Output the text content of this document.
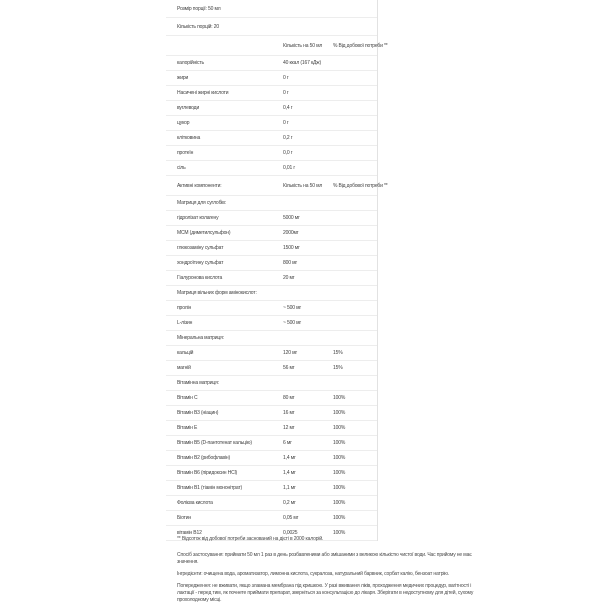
Розмір порції: 50 мл
Кількість порцій: 20
Кількість на 50 мл	% Від добової потреби **
калорійність	40 ккал (167 кДж)
жири	0 г
Насичені жирні кислоти	0 г
вуглеводи	0,4 г
цукор	0 г
клітковина	0,2 г
протеїн	0,0 г
сіль	0,01 г
Активні компоненти:	Кількість на 50 мл	% Від добової потреби **
Матриця для суглобів:
гідролізат колагену	5000 мг
МСМ (диметилсульфон)	2000мг
глюкозаміну сульфат	1500 мг
хондроїтину сульфат	800 мг
Гіалуронова кислота	20 мг
Матриця вільних форм амінокислот:
пролін	~ 500 мг
L-лізин	~ 500 мг
Мінеральна матриця:
кальцій	120 мг	15%
магній	56 мг	15%
Вітамінна матриця:
Вітамін C	80 мг	100%
Вітамін B3 (ніацин)	16 мг	100%
Вітамін E	12 мг	100%
Вітамін B5 (D-пантотенат кальцію)	6 мг	100%
Вітамін B2 (рибофлавін)	1,4 мг	100%
Вітамін B6 (піридоксин HCl)	1,4 мг	100%
Вітамін B1 (тіамін мононітрат)	1,1 мг	100%
Фолієва кислота	0,2 мг	100%
Біотин	0,05 мг	100%
вітамін B12	0,0025	100%
** Відсоток від добової потреби заснований на дієті в 2000 калорій.

Спосіб застосування: приймати 50 мл 1 раз в день розбавленими або змішаними з великою кількістю чистої води. Час прийому не має значення.

Інгредієнти: очищена вода, ароматизатор, лимонна кислота, сукралоза, натуральний барвник, сорбат калію, бензоат натрію.

Попередження: не вживати, якщо зламана мембрана під кришкою. У разі вживання ліків, проходження медичних процедур, вагітності і лактації - перед тим, як почнете приймати препарат, зверніться за консультацією до лікаря. Зберігати в недоступному для дітей, сухому прохолодному місці.
